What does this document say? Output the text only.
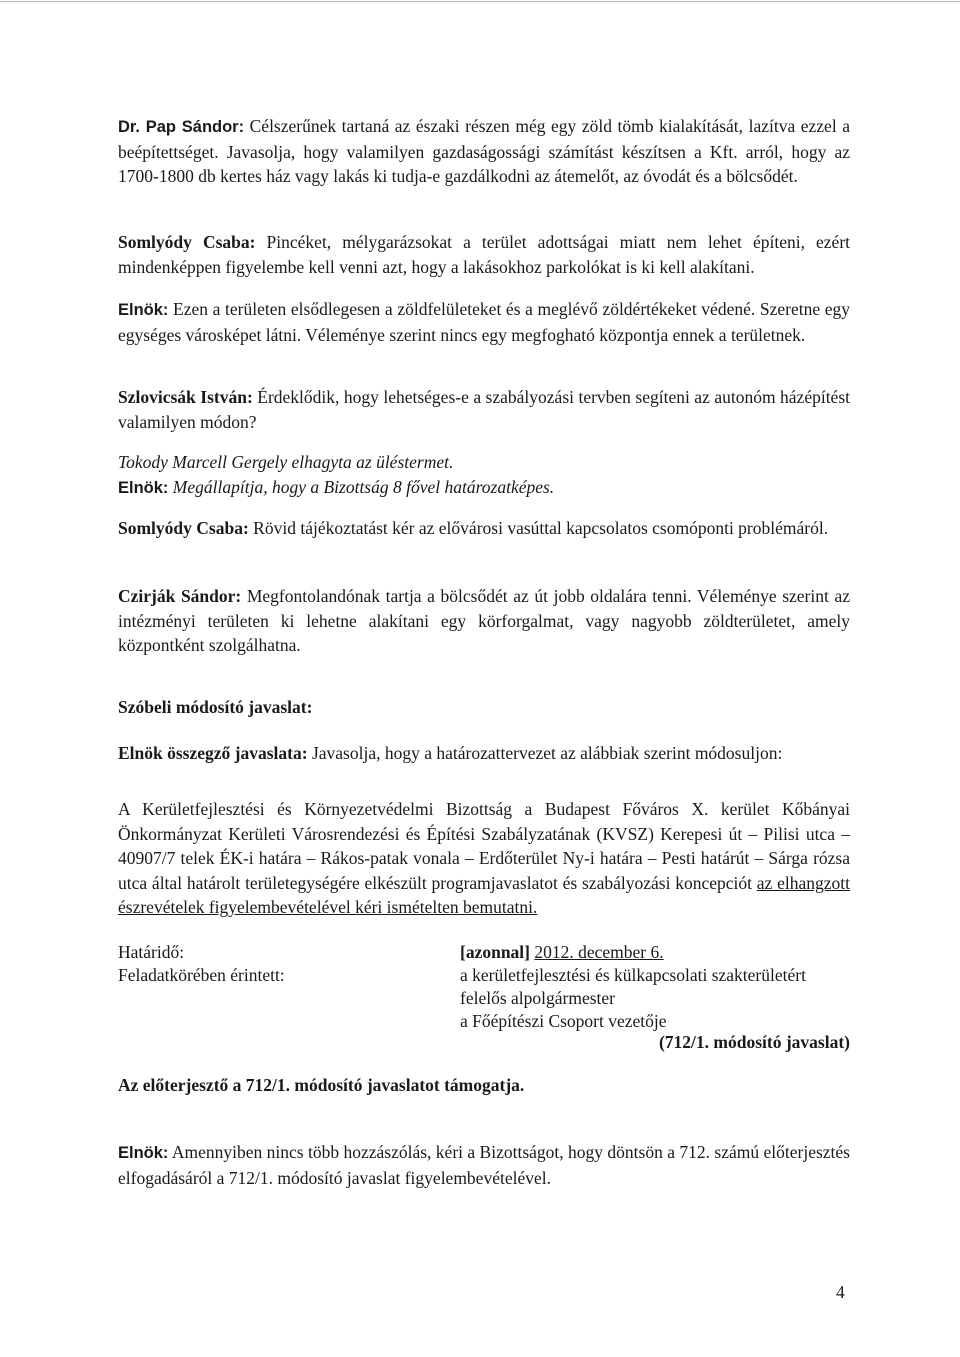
Dr. Pap Sándor: Célszerűnek tartaná az északi részen még egy zöld tömb kialakítását, lazítva ezzel a beépítettséget. Javasolja, hogy valamilyen gazdaságossági számítást készítsen a Kft. arról, hogy az 1700-1800 db kertes ház vagy lakás ki tudja-e gazdálkodni az átemelőt, az óvodát és a bölcsődét.

Somlyódy Csaba: Pincéket, mélygarázsokat a terület adottságai miatt nem lehet építeni, ezért mindenképpen figyelembe kell venni azt, hogy a lakásokhoz parkolókat is ki kell alakítani.

Elnök: Ezen a területen elsődlegesen a zöldfelületeket és a meglévő zöldértékeket védené. Szeretne egy egységes városképet látni. Véleménye szerint nincs egy megfogható központja ennek a területnek.

Szlovicsák István: Érdeklődik, hogy lehetséges-e a szabályozási tervben segíteni az autonóm házépítést valamilyen módon?

Tokody Marcell Gergely elhagyta az üléstermet.
Elnök: Megállapítja, hogy a Bizottság 8 fővel határozatképes.

Somlyódy Csaba: Rövid tájékoztatást kér az elővárosi vasúttal kapcsolatos csomóponti problémáról.

Czirják Sándor: Megfontolandónak tartja a bölcsődét az út jobb oldalára tenni. Véleménye szerint az intézményi területen ki lehetne alakítani egy körforgalmat, vagy nagyobb zöldterületet, amely központként szolgálhatna.

Szóbeli módosító javaslat:

Elnök összegző javaslata: Javasolja, hogy a határozattervezet az alábbiak szerint módosuljon:

A Kerületfejlesztési és Környezetvédelmi Bizottság a Budapest Főváros X. kerület Kőbányai Önkormányzat Kerületi Városrendezési és Építési Szabályzatának (KVSZ) Kerepesi út – Pilisi utca – 40907/7 telek ÉK-i határa – Rákos-patak vonala – Erdőterület Ny-i határa – Pesti határút – Sárga rózsa utca által határolt területegységére elkészült programjavaslatot és szabályozási koncepciót az elhangzott észrevételek figyelembevételével kéri ismételten bemutatni.

Határidő:	[azonnal] 2012. december 6.
Feladatkörében érintett:	a kerületfejlesztési és külkapcsolati szakterületért
felelős alpolgármester
a Főépítészi Csoport vezetője
(712/1. módosító javaslat)

Az előterjesztő a 712/1. módosító javaslatot támogatja.

Elnök: Amennyiben nincs több hozzászólás, kéri a Bizottságot, hogy döntsön a 712. számú előterjesztés elfogadásáról a 712/1. módosító javaslat figyelembevételével.

4
